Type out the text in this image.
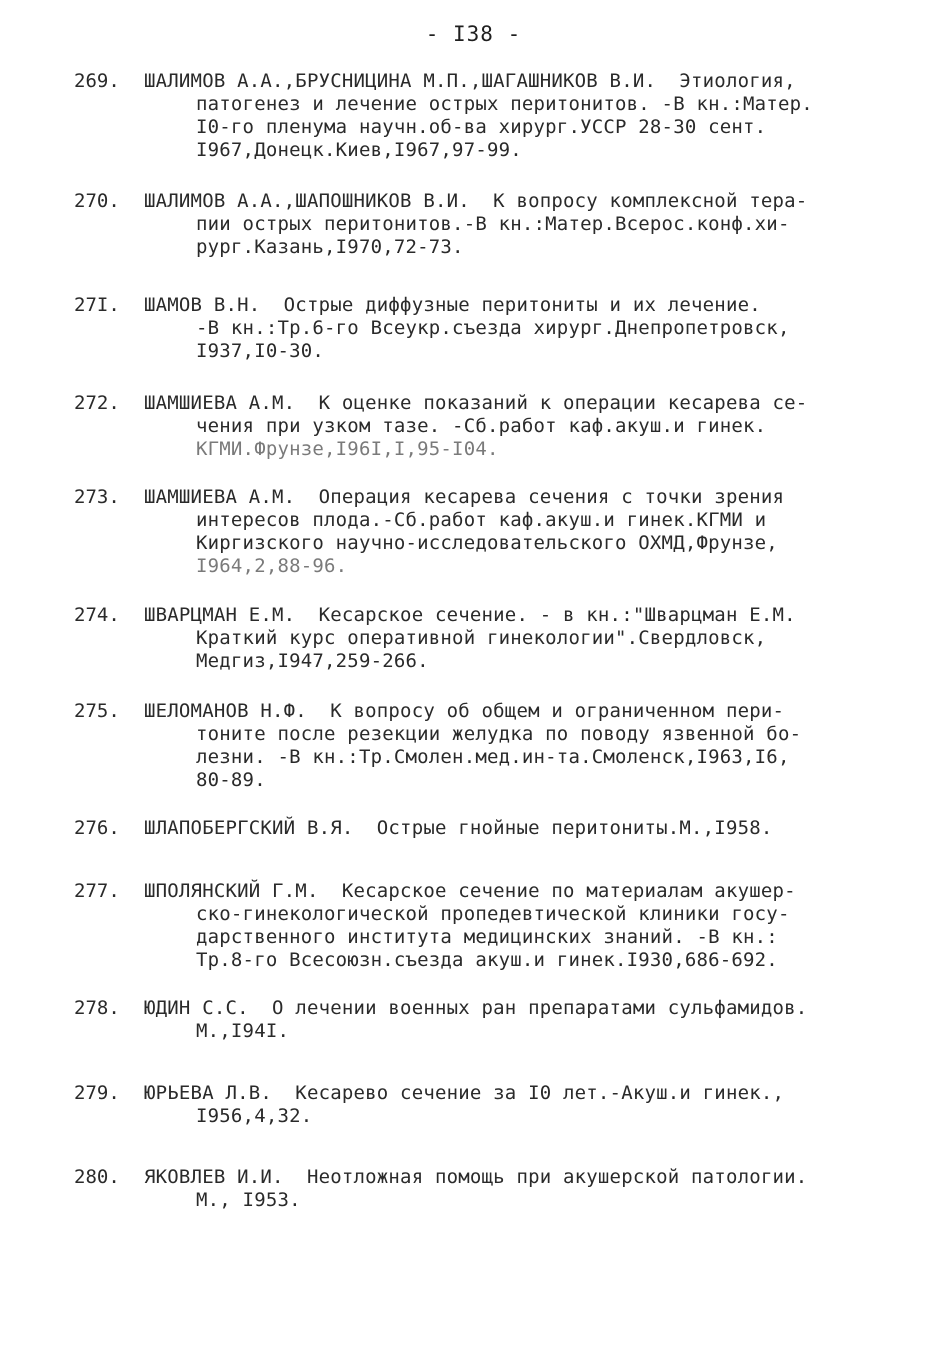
- I38 -
269.	ШАЛИМОВ А.А.,БРУСНИЦИНА М.П.,ШАГАШНИКОВ В.И.  Этиология,
патогенез и лечение острых перитонитов. -В кн.:Матер.
I0-го пленума научн.об-ва хирург.УССР 28-30 сент.
I967,Донецк.Киев,I967,97-99.
270.	ШАЛИМОВ А.А.,ШАПОШНИКОВ В.И.  К вопросу комплексной тера-
пии острых перитонитов.-В кн.:Матер.Всерос.конф.хи-
рург.Казань,I970,72-73.
27I.	ШАМОВ В.Н.  Острые диффузные перитониты и их лечение.
-В кн.:Тр.6-го Всеукр.съезда хирург.Днепропетровск,
I937,I0-30.
272.	ШАМШИЕВА А.М.  К оценке показаний к операции кесарева се-
чения при узком тазе. -Сб.работ каф.акуш.и гинек.
КГМИ.Фрунзе,I96I,I,95-I04.
273.	ШАМШИЕВА А.М.  Операция кесарева сечения с точки зрения
интересов плода.-Сб.работ каф.акуш.и гинек.КГМИ и
Киргизского научно-исследовательского ОХМД,Фрунзе,
I964,2,88-96.
274.	ШВАРЦМАН Е.М.  Кесарское сечение. - в кн.:"Шварцман Е.М.
Краткий курс оперативной гинекологии".Свердловск,
Медгиз,I947,259-266.
275.	ШЕЛОМАНОВ Н.Ф.  К вопросу об общем и ограниченном пери-
тоните после резекции желудка по поводу язвенной бо-
лезни. -В кн.:Тр.Смолен.мед.ин-та.Смоленск,I963,I6,
80-89.
276.	ШЛАПОБЕРГСКИЙ В.Я.  Острые гнойные перитониты.М.,I958.
277.	ШПОЛЯНСКИЙ Г.М.  Кесарское сечение по материалам акушер-
ско-гинекологической пропедевтической клиники госу-
дарственного института медицинских знаний. -В кн.:
Тр.8-го Всесоюзн.съезда акуш.и гинек.I930,686-692.
278.	ЮДИН С.С.  О лечении военных ран препаратами сульфамидов.
М.,I94I.
279.	ЮРЬЕВА Л.В.  Кесарево сечение за I0 лет.-Акуш.и гинек.,
I956,4,32.
280.	ЯКОВЛЕВ И.И.  Неотложная помощь при акушерской патологии.
М., I953.
